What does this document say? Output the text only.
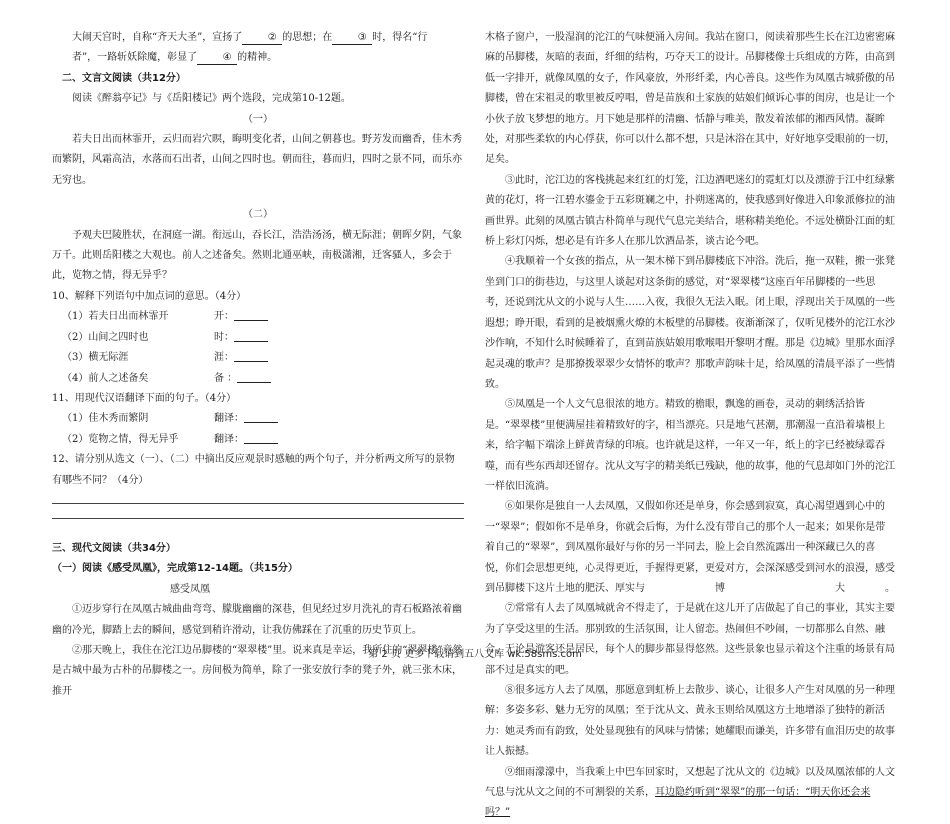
大闹天宫时，自称“齐天大圣”，宣扬了	② 的思想；在	③ 时，得名“行

者”，一路斩妖除魔，彰显了	④ 的精神。

二、文言文阅读（共12分）

阅读《醉翁亭记》与《岳阳楼记》两个选段，完成第10-12题。

（一）

若夫日出而林霏开，云归而岩穴暝，晦明变化者，山间之朝暮也。野芳发而幽香，佳木秀而繁阴，风霜高洁，水落而石出者，山间之四时也。朝而往，暮而归，四时之景不同，而乐亦无穷也。

（二）

予观夫巴陵胜状，在洞庭一湖。衔远山，吞长江，浩浩汤汤，横无际涯；朝晖夕阴，气象万千。此则岳阳楼之大观也。前人之述备矣。然则北通巫峡，南极潇湘，迁客骚人，多会于此，览物之情，得无异乎？

10、解释下列语句中加点词的意思。（4分）

（1）若夫日出而林霏开	开：
（2）山间之四时也	时：
（3）横无际涯	涯：
（4）前人之述备矣	备 ：

11、用现代汉语翻译下面的句子。（4分）

（1）佳木秀而繁阴	翻译：
（2）览物之情，得无异乎	翻译：

12、请分别从选文（一）、（二）中摘出反应观景时感触的两个句子，并分析两文所写的景物有哪些不同？（4分）

三、现代文阅读（共34分）

（一）阅读《感受凤凰》，完成第12-14题。（共15分）

感受凤凰

①迈步穿行在凤凰古城曲曲弯弯、朦胧幽幽的深巷，但见经过岁月洗礼的青石板路浓着幽幽的冷光，脚踏上去的瞬间，感觉到稍许滑动，让我仿佛踩在了沉重的历史节页上。

②那天晚上，我住在沱江边吊脚楼的“翠翠楼”里。说来真是幸运，我所住的“翠翠楼”竟然是古城中最为古朴的吊脚楼之一。房间极为简单，除了一张安放行李的凳子外，就三张木床，推开

木格子窗户，一股湿润的沱江的气味便涌入房间。我站在窗口，阅读着那些生长在江边密密麻麻的吊脚楼，灰暗的表面，纤细的结构，巧夺天工的设计。吊脚楼像士兵组成的方阵，由高到低一字排开，就像凤凰的女子，作风豪放，外形纤柔，内心善良。这些作为凤凰古城骄傲的吊脚楼，曾在宋祖灵的歌里被反哼唱，曾是苗族和土家族的姑娘们倾诉心事的闺房，也是让一个小伙子放飞梦想的地方。月下她是那样的清幽、恬静与唯美，散发着浓郁的湘西风情。凝眸处，对那些柔软的内心俘获，你可以什么都不想，只是沐浴在其中，好好地享受眼前的一切，足矣。

③此时，沱江边的客栈挑起来红红的灯笼，江边酒吧迷幻的霓虹灯以及漂游于江中红绿紫黄的花灯，将一江碧水鎏金于五彩斑斓之中，扑朔迷离的，使我感到好像进入印象派修拉的油画世界。此刻的凤凰古镇古朴简单与现代气息完美结合，堪称精美绝伦。不远处横卧江面的虹桥上彩灯闪烁，想必是有许多人在那儿饮酒品茶，谈古论今吧。

④我顺着一个女孩的指点，从一架木梯下到吊脚楼底下冲浴。洗后，拖一双鞋，搬一张凳坐到门口的街巷边，与这里人谈起对这条街的感觉，对“翠翠楼”这座百年吊脚楼的一些思考，还说到沈从文的小说与人生……入夜，我很久无法入眠。闭上眼，浮现出关于凤凰的一些遐想；睁开眼，看到的是被烟熏火燎的木板壁的吊脚楼。夜渐渐深了，仅听见楼外的沱江水沙沙作响，不知什么时候睡着了，直到苗族姑娘用歌喉唱开黎明才醒。那是《边城》里那水面浮起灵魂的歌声？是那撩拨翠翠少女情怀的歌声？那歌声韵味十足，给凤凰的清晨平添了一些情致。

⑤凤凰是一个人文气息很浓的地方。精致的檐眼，飘逸的画卷，灵动的刺绣活拾皆是。“翠翠楼”里便满屋挂着精致好的字，相当漂亮。只是地气甚潮，那潮湿一直沿着墙根上来，给字幅下端涂上鲜黄青绿的印痕。也许就是这样，一年又一年，纸上的字已经被绿霉吞噬，而有些东西却还留存。沈从文写字的精美纸已残缺，他的故事，他的气息却如门外的沱江一样依旧流淌。

⑥如果你是独自一人去凤凰，又假如你还是单身，你会感到寂寞，真心渴望遇到心中的一“翠翠”；假如你不是单身，你就会后悔，为什么没有带自己的那个人一起来；如果你是带着自己的“翠翠”，到凤凰你最好与你的另一半同去，脸上会自然流露出一种深藏已久的喜悦，你们会思想更纯，心灵得更近，手握得更紧，更爱对方，会深深感受到河水的浪漫，感受到吊脚楼下这片土地的肥沃、厚实与	博	大	。

⑦常常有人去了凤凰城就舍不得走了，于是就在这儿开了店做起了自己的事业，其实主要为了享受这里的生活。那别致的生活氛围，让人留恋。热闹但不吵闹，一切都那么自然、融合。无论是游客还是居民，每个人的脚步都显得悠然。这些景象也显示着这个注重的场景有局部不过是真实的吧。

⑧很多远方人去了凤凰，那愿意到虹桥上去散步、谈心，让很多人产生对凤凰的另一种理解：多姿多彩、魅力无穷的凤凰；至于沈从文、黄永玉则给凤凰这方土地增添了独特的新活力：她灵秀而有韵致，处处显现独有的风味与情愫；她耀眼而谦美，许多带有血泪历史的故事让人振撼。

⑨细雨濛濛中，当我乘上中巴车回家时，又想起了沈从文的《边城》以及凤凰浓郁的人文气息与沈从文之间的不可割裂的关系，耳边隐约听到“翠翠”的那一句话：“明天你还会来吗？”

第 2 页 更多下载请到五八文库 wk.58sms.com
